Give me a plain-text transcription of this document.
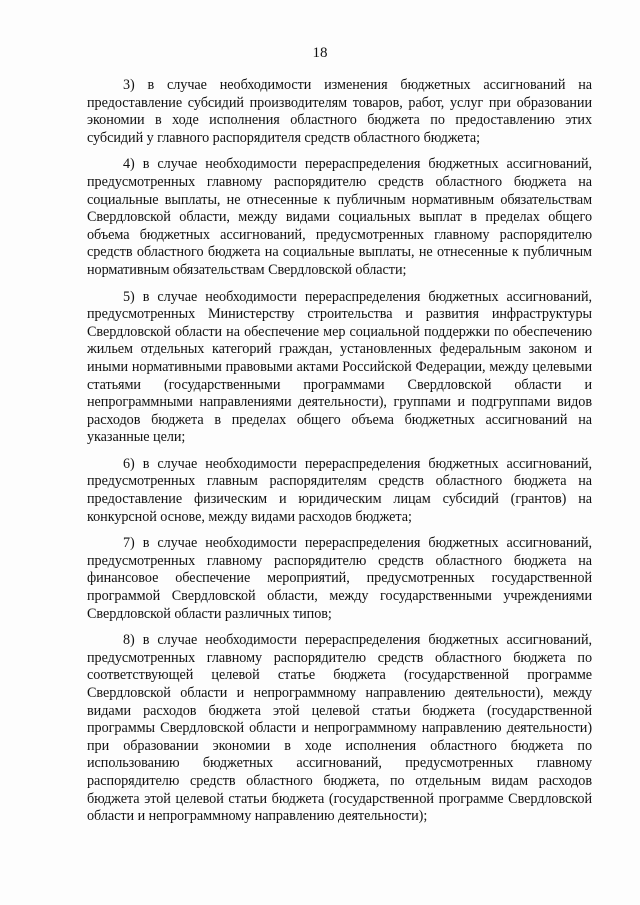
18

3) в случае необходимости изменения бюджетных ассигнований на предоставление субсидий производителям товаров, работ, услуг при образовании экономии в ходе исполнения областного бюджета по предоставлению этих субсидий у главного распорядителя средств областного бюджета;

4) в случае необходимости перераспределения бюджетных ассигнований, предусмотренных главному распорядителю средств областного бюджета на социальные выплаты, не отнесенные к публичным нормативным обязательствам Свердловской области, между видами социальных выплат в пределах общего объема бюджетных ассигнований, предусмотренных главному распорядителю средств областного бюджета на социальные выплаты, не отнесенные к публичным нормативным обязательствам Свердловской области;

5) в случае необходимости перераспределения бюджетных ассигнований, предусмотренных Министерству строительства и развития инфраструктуры Свердловской области на обеспечение мер социальной поддержки по обеспечению жильем отдельных категорий граждан, установленных федеральным законом и иными нормативными правовыми актами Российской Федерации, между целевыми статьями (государственными программами Свердловской области и непрограммными направлениями деятельности), группами и подгруппами видов расходов бюджета в пределах общего объема бюджетных ассигнований на указанные цели;

6) в случае необходимости перераспределения бюджетных ассигнований, предусмотренных главным распорядителям средств областного бюджета на предоставление физическим и юридическим лицам субсидий (грантов) на конкурсной основе, между видами расходов бюджета;

7) в случае необходимости перераспределения бюджетных ассигнований, предусмотренных главному распорядителю средств областного бюджета на финансовое обеспечение мероприятий, предусмотренных государственной программой Свердловской области, между государственными учреждениями Свердловской области различных типов;

8) в случае необходимости перераспределения бюджетных ассигнований, предусмотренных главному распорядителю средств областного бюджета по соответствующей целевой статье бюджета (государственной программе Свердловской области и непрограммному направлению деятельности), между видами расходов бюджета этой целевой статьи бюджета (государственной программы Свердловской области и непрограммному направлению деятельности) при образовании экономии в ходе исполнения областного бюджета по использованию бюджетных ассигнований, предусмотренных главному распорядителю средств областного бюджета, по отдельным видам расходов бюджета этой целевой статьи бюджета (государственной программе Свердловской области и непрограммному направлению деятельности);
